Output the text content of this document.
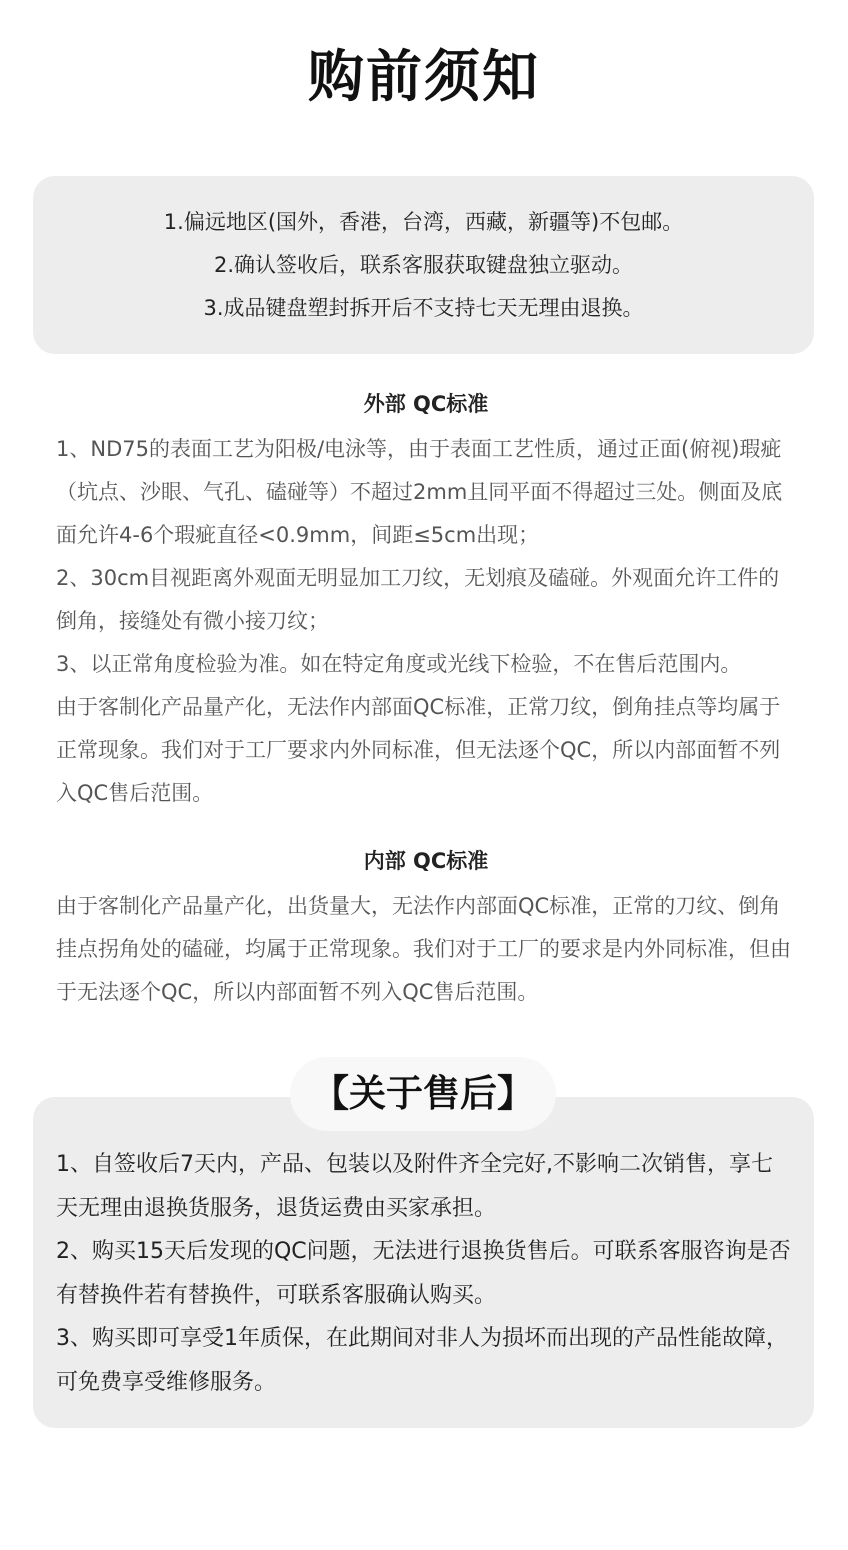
购前须知
1.偏远地区(国外，香港，台湾，西藏，新疆等)不包邮。
2.确认签收后，联系客服获取键盘独立驱动。
3.成品键盘塑封拆开后不支持七天无理由退换。
外部 QC标准

1、ND75的表面工艺为阳极/电泳等，由于表面工艺性质，通过正面(俯视)瑕疵（坑点、沙眼、气孔、磕碰等）不超过2mm且同平面不得超过三处。侧面及底面允许4-6个瑕疵直径<0.9mm，间距≤5cm出现；

2、30cm目视距离外观面无明显加工刀纹，无划痕及磕碰。外观面允许工件的倒角，接缝处有微小接刀纹；

3、以正常角度检验为准。如在特定角度或光线下检验，不在售后范围内。

由于客制化产品量产化，无法作内部面QC标准，正常刀纹，倒角挂点等均属于正常现象。我们对于工厂要求内外同标准，但无法逐个QC，所以内部面暂不列入QC售后范围。

内部 QC标准

由于客制化产品量产化，出货量大，无法作内部面QC标准，正常的刀纹、倒角挂点拐角处的磕碰，均属于正常现象。我们对于工厂的要求是内外同标准，但由于无法逐个QC，所以内部面暂不列入QC售后范围。

1、自签收后7天内，产品、包装以及附件齐全完好,不影响二次销售，享七天无理由退换货服务，退货运费由买家承担。

2、购买15天后发现的QC问题，无法进行退换货售后。可联系客服咨询是否有替换件若有替换件，可联系客服确认购买。

3、购买即可享受1年质保，在此期间对非人为损坏而出现的产品性能故障，可免费享受维修服务。

【关于售后】
